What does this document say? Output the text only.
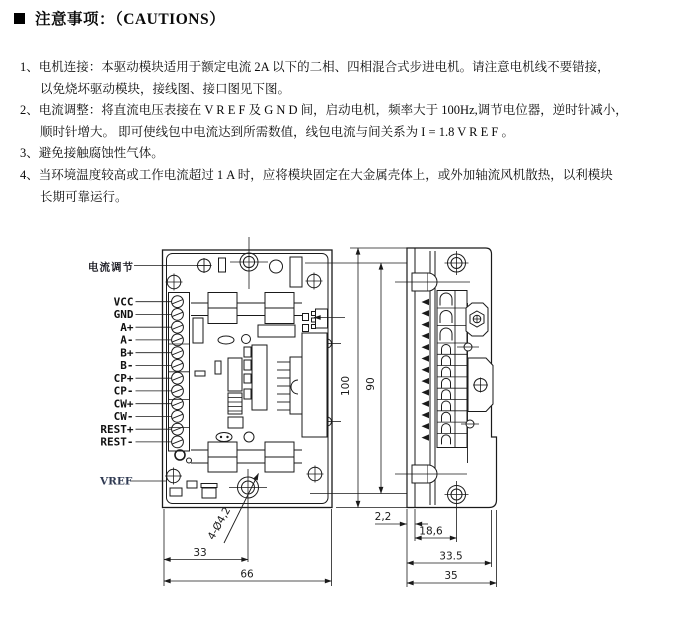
注意事项：（CAUTIONS）
1、电机连接：本驱动模块适用于额定电流 2A 以下的二相、四相混合式步进电机。请注意电机线不要错接，
以免烧坏驱动模块，接线图、接口图见下图。
2、电流调整：将直流电压表接在 V R E F 及 G N D 间，启动电机，频率大于 100Hz,调节电位器，逆时针减小，
顺时针增大。 即可使线包中电流达到所需数值，线包电流与间关系为 I = 1.8 V R E F 。
3、避免接触腐蚀性气体。
4、当环境温度较高或工作电流超过 1 A 时，应将模块固定在大金属壳体上，或外加轴流风机散热，以利模块
长期可靠运行。
电流调节
VREF
VCC
GND
A+
A-
B+
B-
CP+
CP-
CW+
CW-
REST+
REST-
100 90
33
66
2,2
18,6
33.5
35
4-Ø4,2
